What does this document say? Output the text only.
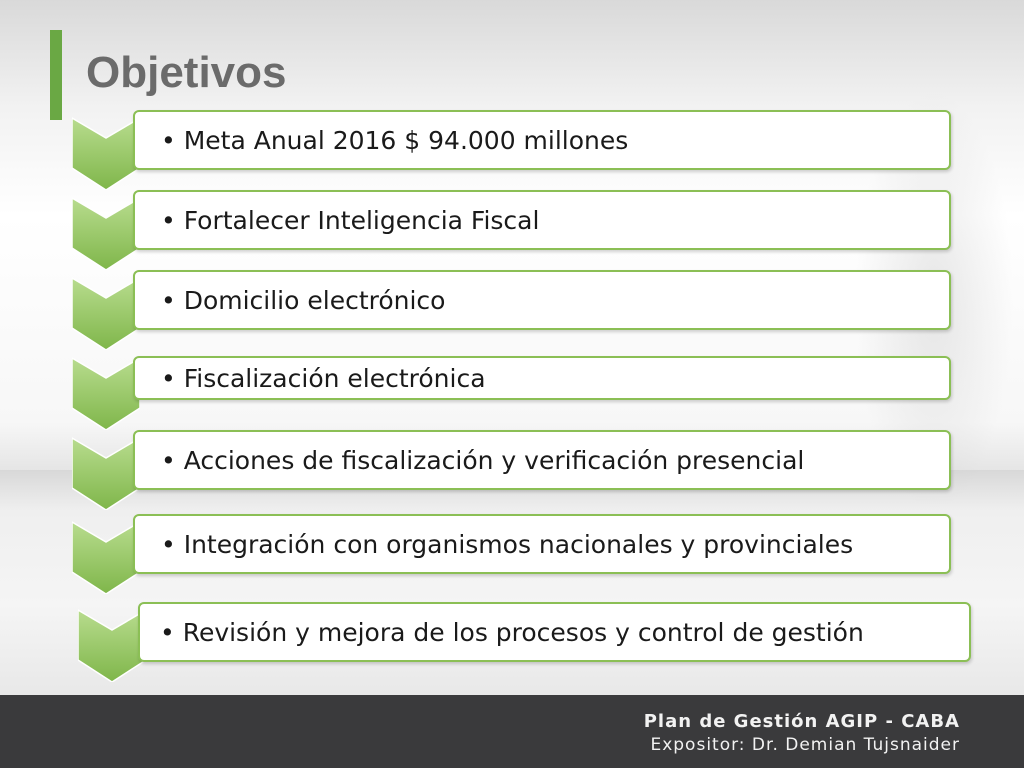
Objetivos
• Meta Anual 2016 $ 94.000 millones
• Fortalecer Inteligencia Fiscal
• Domicilio electrónico
• Fiscalización electrónica
• Acciones de fiscalización y verificación presencial
• Integración con organismos nacionales y provinciales
• Revisión y mejora de los procesos y control de gestión
Plan de Gestión AGIP - CABA
Expositor: Dr. Demian Tujsnaider
